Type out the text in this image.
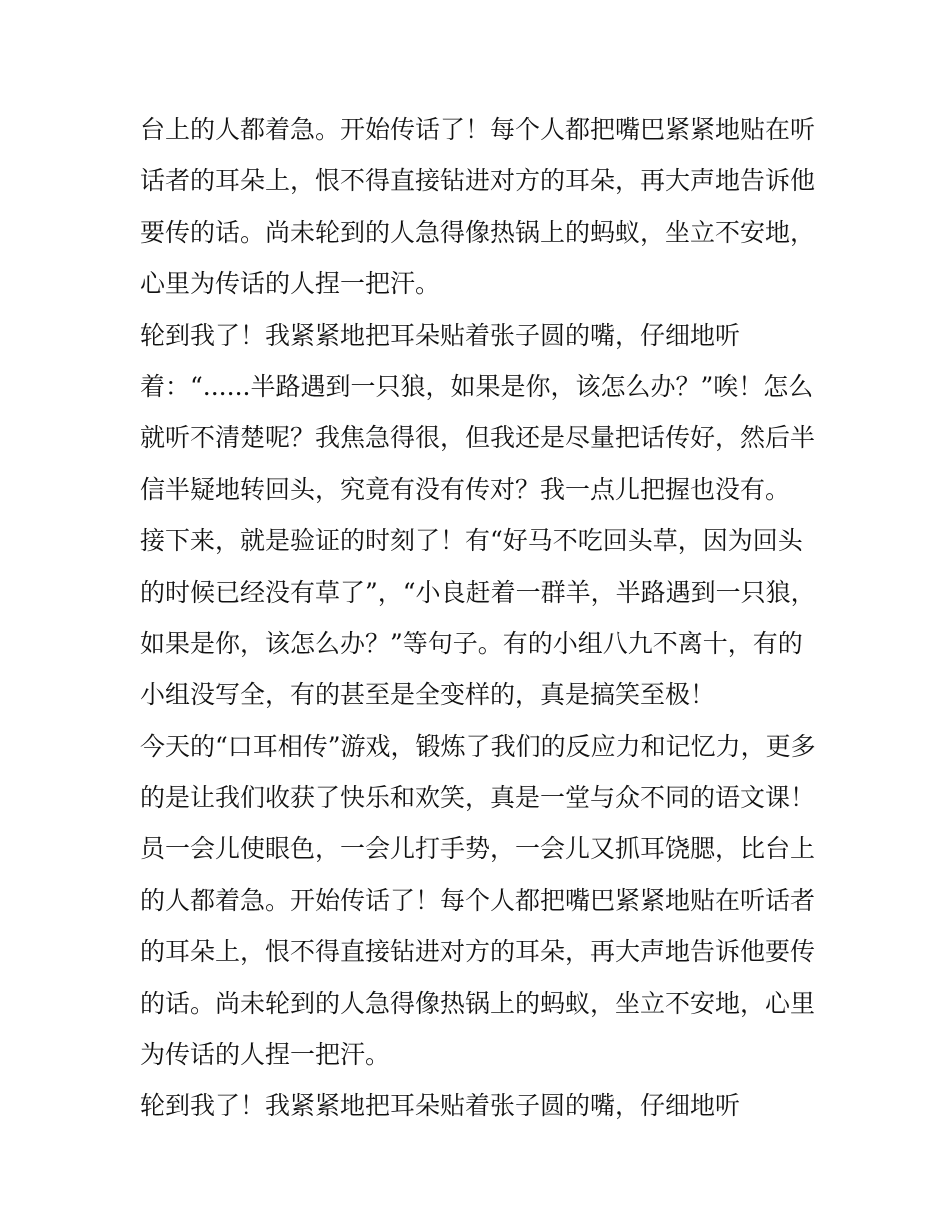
台上的人都着急。开始传话了！每个人都把嘴巴紧紧地贴在听
话者的耳朵上，恨不得直接钻进对方的耳朵，再大声地告诉他
要传的话。尚未轮到的人急得像热锅上的蚂蚁，坐立不安地，
心里为传话的人捏一把汗。
轮到我了！我紧紧地把耳朵贴着张子圆的嘴，仔细地听
着：“......半路遇到一只狼，如果是你，该怎么办？”唉！怎么
就听不清楚呢？我焦急得很，但我还是尽量把话传好，然后半
信半疑地转回头，究竟有没有传对？我一点儿把握也没有。
接下来，就是验证的时刻了！有“好马不吃回头草，因为回头
的时候已经没有草了”，“小良赶着一群羊，半路遇到一只狼，
如果是你，该怎么办？”等句子。有的小组八九不离十，有的
小组没写全，有的甚至是全变样的，真是搞笑至极！
今天的“口耳相传”游戏，锻炼了我们的反应力和记忆力，更多
的是让我们收获了快乐和欢笑，真是一堂与众不同的语文课！
员一会儿使眼色，一会儿打手势，一会儿又抓耳饶腮，比台上
的人都着急。开始传话了！每个人都把嘴巴紧紧地贴在听话者
的耳朵上，恨不得直接钻进对方的耳朵，再大声地告诉他要传
的话。尚未轮到的人急得像热锅上的蚂蚁，坐立不安地，心里
为传话的人捏一把汗。
轮到我了！我紧紧地把耳朵贴着张子圆的嘴，仔细地听
